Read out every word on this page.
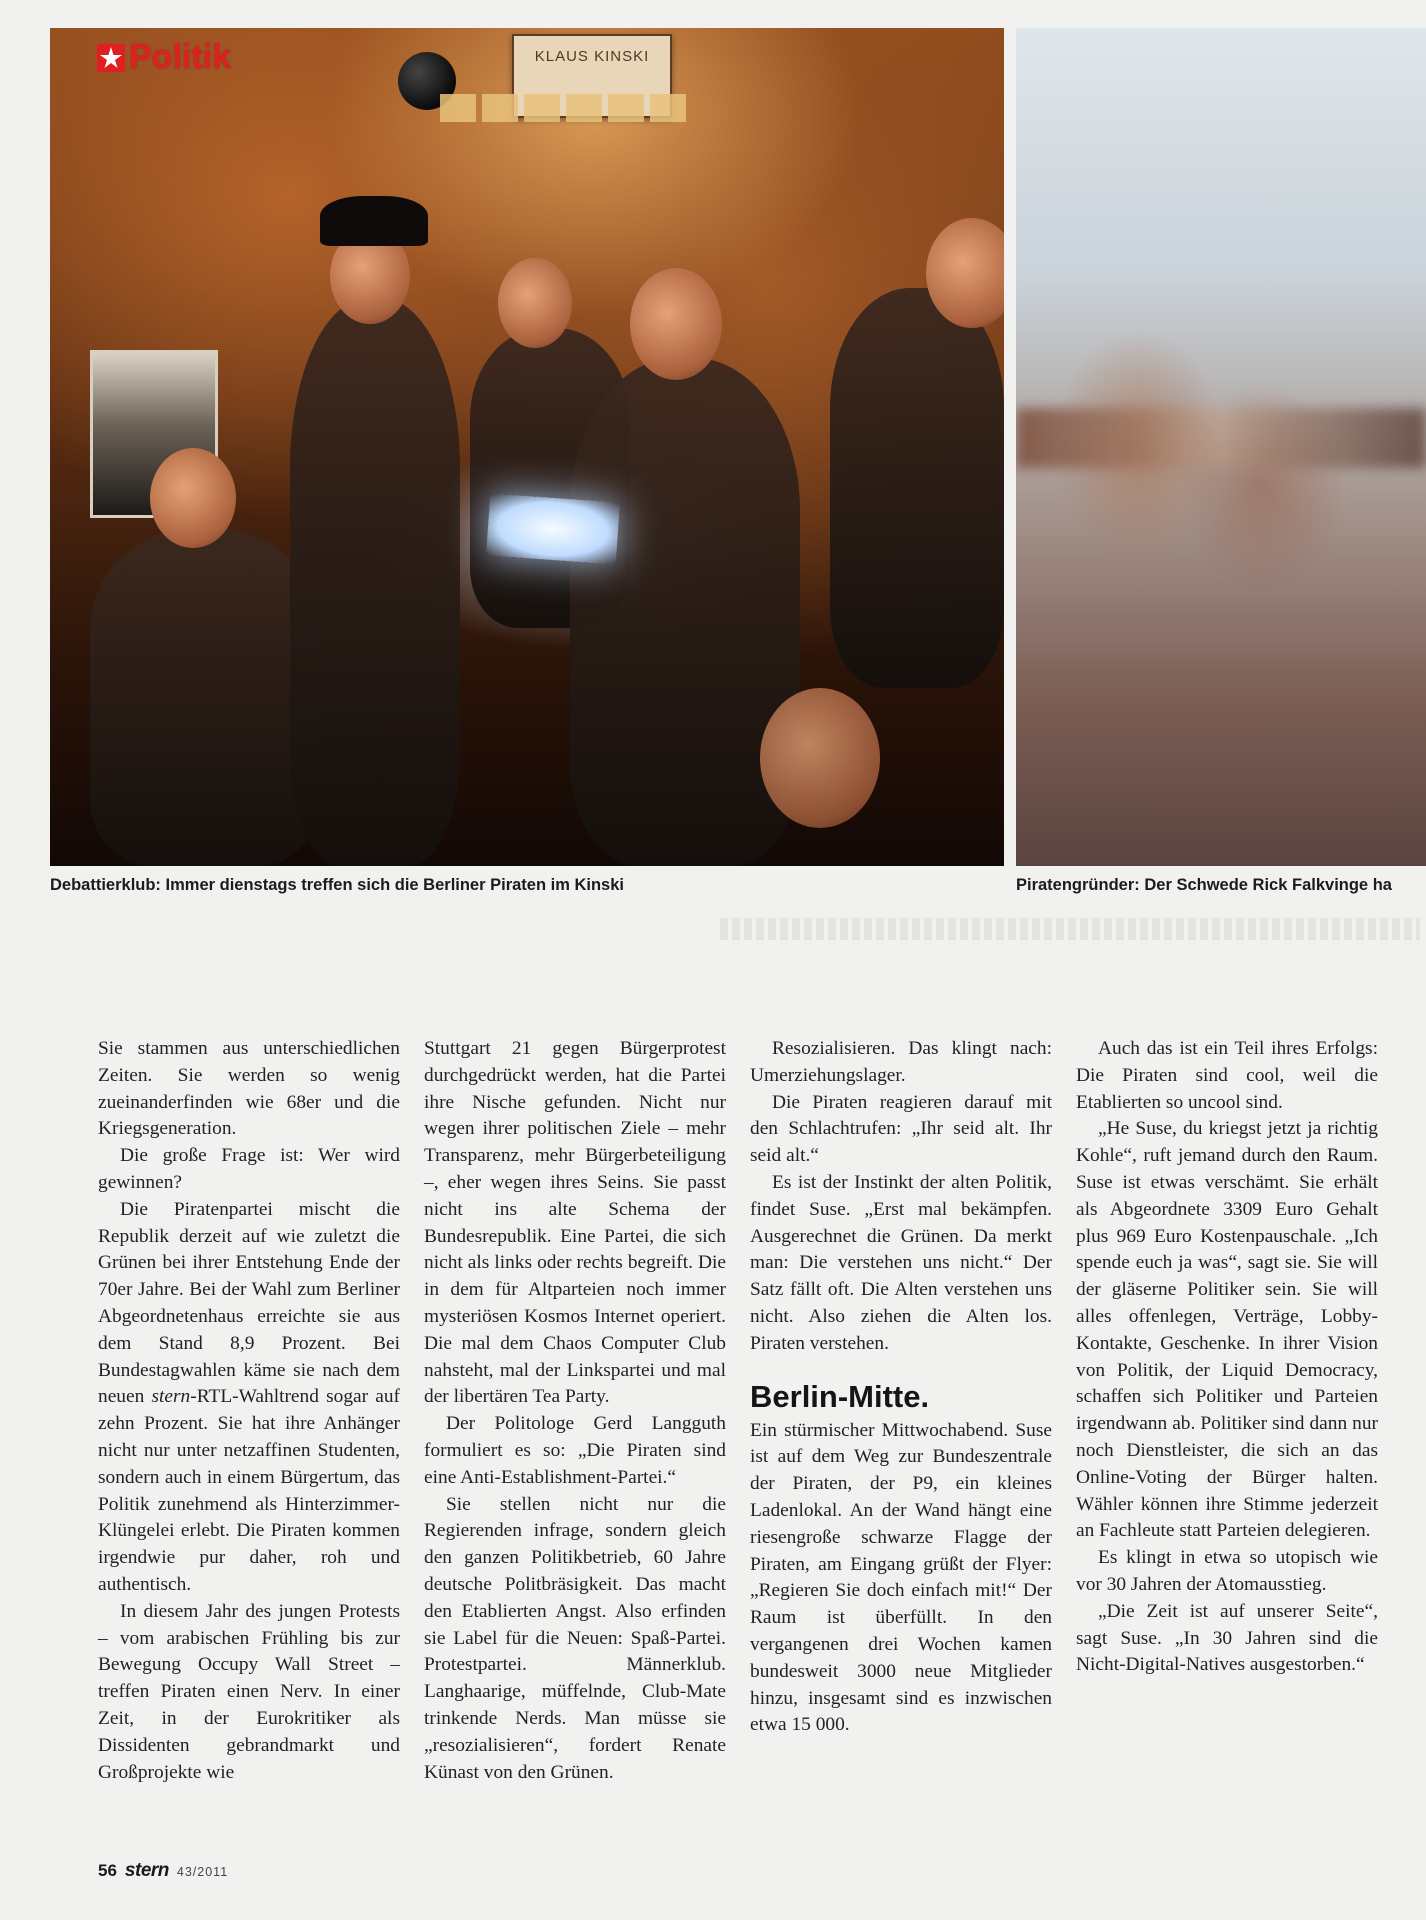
KLAUS KINSKI
Politik
Debattierklub: Immer dienstags treffen sich die Berliner Piraten im Kinski	Piratengründer: Der Schwede Rick Falkvinge ha

Sie stammen aus unterschiedlichen Zeiten. Sie werden so wenig zueinanderfinden wie 68er und die Kriegsgeneration.

Die große Frage ist: Wer wird gewinnen?

Die Piratenpartei mischt die Republik derzeit auf wie zuletzt die Grünen bei ihrer Entstehung Ende der 70er Jahre. Bei der Wahl zum Berliner Abgeordnetenhaus erreichte sie aus dem Stand 8,9 Prozent. Bei Bundestagwahlen käme sie nach dem neuen stern-RTL-Wahltrend sogar auf zehn Prozent. Sie hat ihre Anhänger nicht nur unter netzaffinen Studenten, sondern auch in einem Bürgertum, das Politik zunehmend als Hinterzimmer-Klüngelei erlebt. Die Piraten kommen irgendwie pur daher, roh und authentisch.

In diesem Jahr des jungen Protests – vom arabischen Frühling bis zur Bewegung Occupy Wall Street – treffen Piraten einen Nerv. In einer Zeit, in der Eurokritiker als Dissidenten gebrandmarkt und Großprojekte wie

Stuttgart 21 gegen Bürgerprotest durchgedrückt werden, hat die Partei ihre Nische gefunden. Nicht nur wegen ihrer politischen Ziele – mehr Transparenz, mehr Bürgerbeteiligung –, eher wegen ihres Seins. Sie passt nicht ins alte Schema der Bundesrepublik. Eine Partei, die sich nicht als links oder rechts begreift. Die in dem für Altparteien noch immer mysteriösen Kosmos Internet operiert. Die mal dem Chaos Computer Club nahsteht, mal der Linkspartei und mal der libertären Tea Party.

Der Politologe Gerd Langguth formuliert es so: „Die Piraten sind eine Anti-Establishment-Partei.“

Sie stellen nicht nur die Regierenden infrage, sondern gleich den ganzen Politikbetrieb, 60 Jahre deutsche Politbräsigkeit. Das macht den Etablierten Angst. Also erfinden sie Label für die Neuen: Spaß-Partei. Protestpartei. Männerklub. Langhaarige, müffelnde, Club-Mate trinkende Nerds. Man müsse sie „resozialisieren“, fordert Renate Künast von den Grünen.

Resozialisieren. Das klingt nach: Umerziehungslager.

Die Piraten reagieren darauf mit den Schlachtrufen: „Ihr seid alt. Ihr seid alt.“

Es ist der Instinkt der alten Politik, findet Suse. „Erst mal bekämpfen. Ausgerechnet die Grünen. Da merkt man: Die verstehen uns nicht.“ Der Satz fällt oft. Die Alten verstehen uns nicht. Also ziehen die Alten los. Piraten verstehen.

Berlin-Mitte.

Ein stürmischer Mittwochabend. Suse ist auf dem Weg zur Bundeszentrale der Piraten, der P9, ein kleines Ladenlokal. An der Wand hängt eine riesengroße schwarze Flagge der Piraten, am Eingang grüßt der Flyer: „Regieren Sie doch einfach mit!“ Der Raum ist überfüllt. In den vergangenen drei Wochen kamen bundesweit 3000 neue Mitglieder hinzu, insgesamt sind es inzwischen etwa 15 000.

Auch das ist ein Teil ihres Erfolgs: Die Piraten sind cool, weil die Etablierten so uncool sind.

„He Suse, du kriegst jetzt ja richtig Kohle“, ruft jemand durch den Raum. Suse ist etwas verschämt. Sie erhält als Abgeordnete 3309 Euro Gehalt plus 969 Euro Kostenpauschale. „Ich spende euch ja was“, sagt sie. Sie will der gläserne Politiker sein. Sie will alles offenlegen, Verträge, Lobby-Kontakte, Geschenke. In ihrer Vision von Politik, der Liquid Democracy, schaffen sich Politiker und Parteien irgendwann ab. Politiker sind dann nur noch Dienstleister, die sich an das Online-Voting der Bürger halten. Wähler können ihre Stimme jederzeit an Fachleute statt Parteien delegieren.

Es klingt in etwa so utopisch wie vor 30 Jahren der Atomausstieg.

„Die Zeit ist auf unserer Seite“, sagt Suse. „In 30 Jahren sind die Nicht-Digital-Natives ausgestorben.“

56 stern 43/2011
